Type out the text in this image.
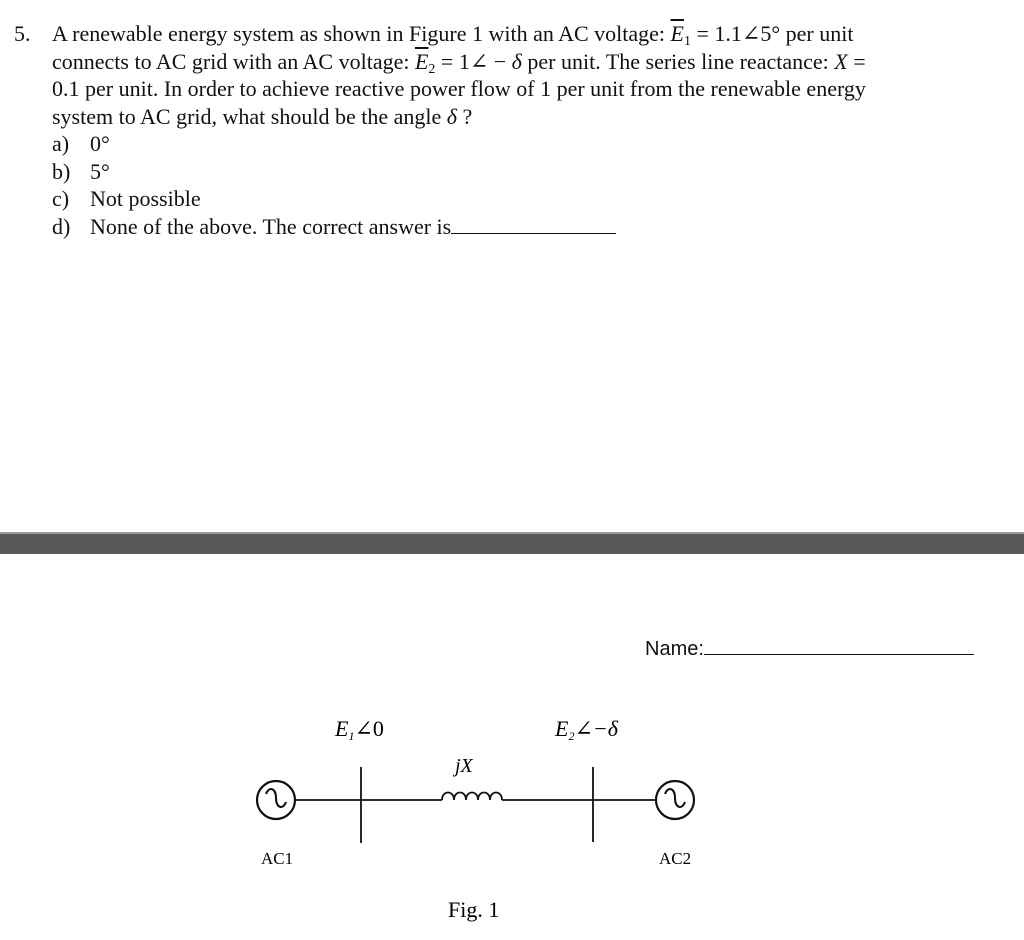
5. A renewable energy system as shown in Figure 1 with an AC voltage: $\overline{E}_1$ = 1.1∠5° per unit
connects to AC grid with an AC voltage: $\overline{E}_2$ = 1∠ − δ per unit. The series line reactance: X =
0.1 per unit. In order to achieve reactive power flow of 1 per unit from the renewable energy
system to AC grid, what should be the angle δ ?
a) 0°
b) 5°
c) Not possible
d) None of the above. The correct answer is
Name:
E1∠0	E2∠−δ
jX
AC1	AC2
Fig. 1
